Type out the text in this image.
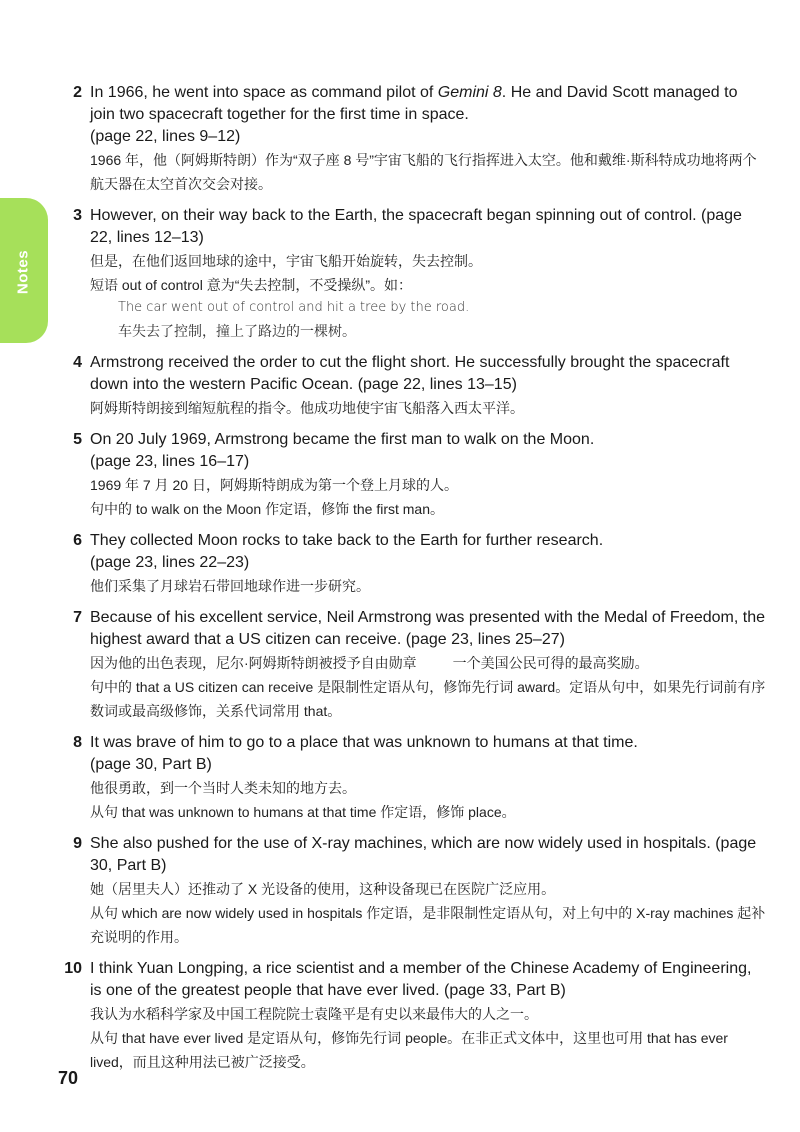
Notes
2 In 1966, he went into space as command pilot of Gemini 8. He and David Scott managed to join two spacecraft together for the first time in space.

(page 22, lines 9–12)

1966 年，他（阿姆斯特朗）作为“双子座 8 号”宇宙飞船的飞行指挥进入太空。他和戴维·斯科特成功地将两个航天器在太空首次交会对接。

3 However, on their way back to the Earth, the spacecraft began spinning out of control. (page 22, lines 12–13)

但是，在他们返回地球的途中，宇宙飞船开始旋转，失去控制。

短语 out of control 意为“失去控制，不受操纵”。如：

The car went out of control and hit a tree by the road.

车失去了控制，撞上了路边的一棵树。

4 Armstrong received the order to cut the flight short. He successfully brought the spacecraft down into the western Pacific Ocean. (page 22, lines 13–15)

阿姆斯特朗接到缩短航程的指令。他成功地使宇宙飞船落入西太平洋。

5 On 20 July 1969, Armstrong became the first man to walk on the Moon.

(page 23, lines 16–17)

1969 年 7 月 20 日，阿姆斯特朗成为第一个登上月球的人。

句中的 to walk on the Moon 作定语，修饰 the first man。

6 They collected Moon rocks to take back to the Earth for further research.

(page 23, lines 22–23)

他们采集了月球岩石带回地球作进一步研究。

7 Because of his excellent service, Neil Armstrong was presented with the Medal of Freedom, the highest award that a US citizen can receive. (page 23, lines 25–27)

因为他的出色表现，尼尔·阿姆斯特朗被授予自由勋章	一个美国公民可得的最高奖励。

句中的 that a US citizen can receive 是限制性定语从句，修饰先行词 award。定语从句中，如果先行词前有序数词或最高级修饰，关系代词常用 that。

8 It was brave of him to go to a place that was unknown to humans at that time.

(page 30, Part B)

他很勇敢，到一个当时人类未知的地方去。

从句 that was unknown to humans at that time 作定语，修饰 place。

9 She also pushed for the use of X-ray machines, which are now widely used in hospitals. (page 30, Part B)

她（居里夫人）还推动了 X 光设备的使用，这种设备现已在医院广泛应用。

从句 which are now widely used in hospitals 作定语，是非限制性定语从句，对上句中的 X-ray machines 起补充说明的作用。

10 I think Yuan Longping, a rice scientist and a member of the Chinese Academy of Engineering, is one of the greatest people that have ever lived. (page 33, Part B)

我认为水稻科学家及中国工程院院士袁隆平是有史以来最伟大的人之一。

从句 that have ever lived 是定语从句，修饰先行词 people。在非正式文体中，这里也可用 that has ever lived，而且这种用法已被广泛接受。

70
